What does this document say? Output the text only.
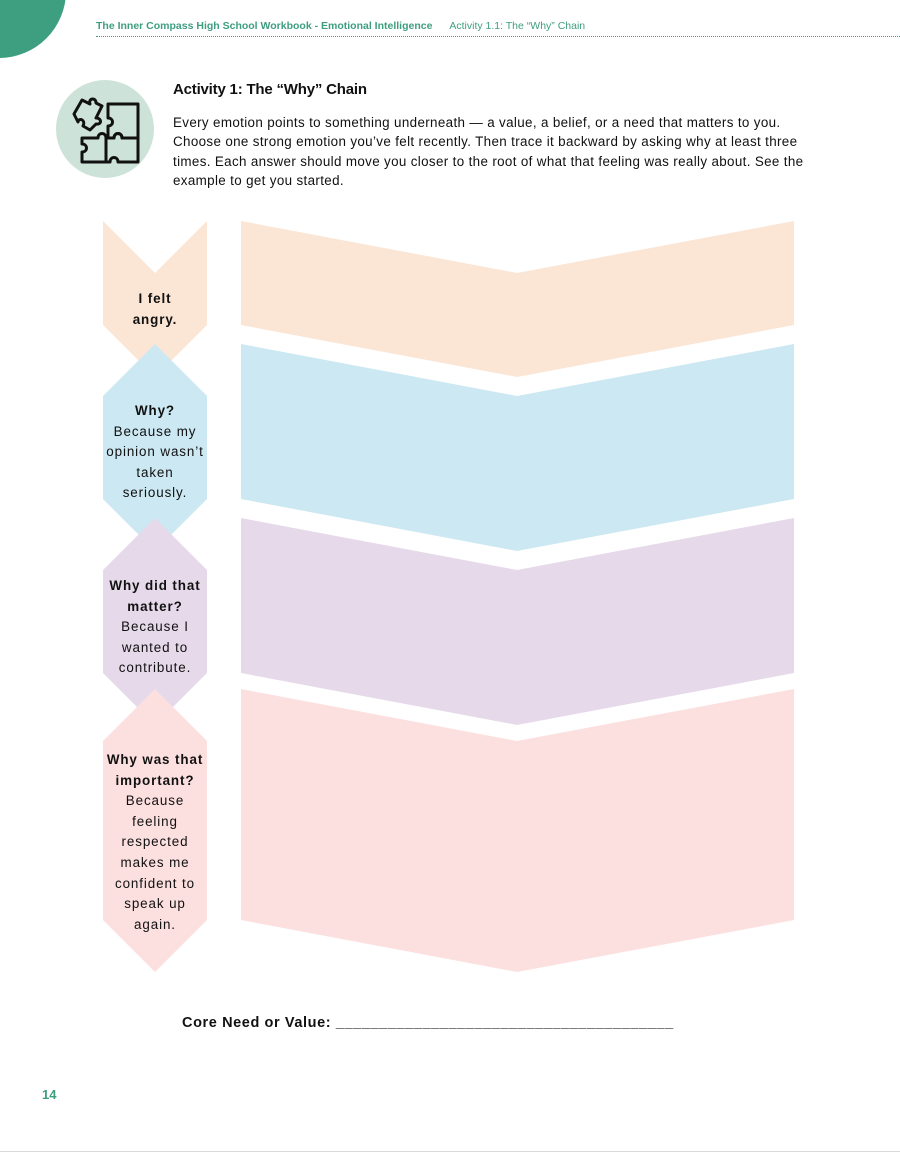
The Inner Compass High School Workbook - Emotional Intelligence Activity 1.1: The “Why” Chain
Activity 1: The “Why” Chain

Every emotion points to something underneath — a value, a belief, or a need that matters to you. Choose one strong emotion you’ve felt recently. Then trace it backward by asking why at least three times. Each answer should move you closer to the root of what that feeling was really about. See the example to get you started.

I felt angry.
Why?
Because my opinion wasn’t taken seriously.
Why did that matter?
Because I wanted to contribute.
Why was that important?
Because feeling respected makes me confident to speak up again.
Core Need or Value: _______________________________________
14
